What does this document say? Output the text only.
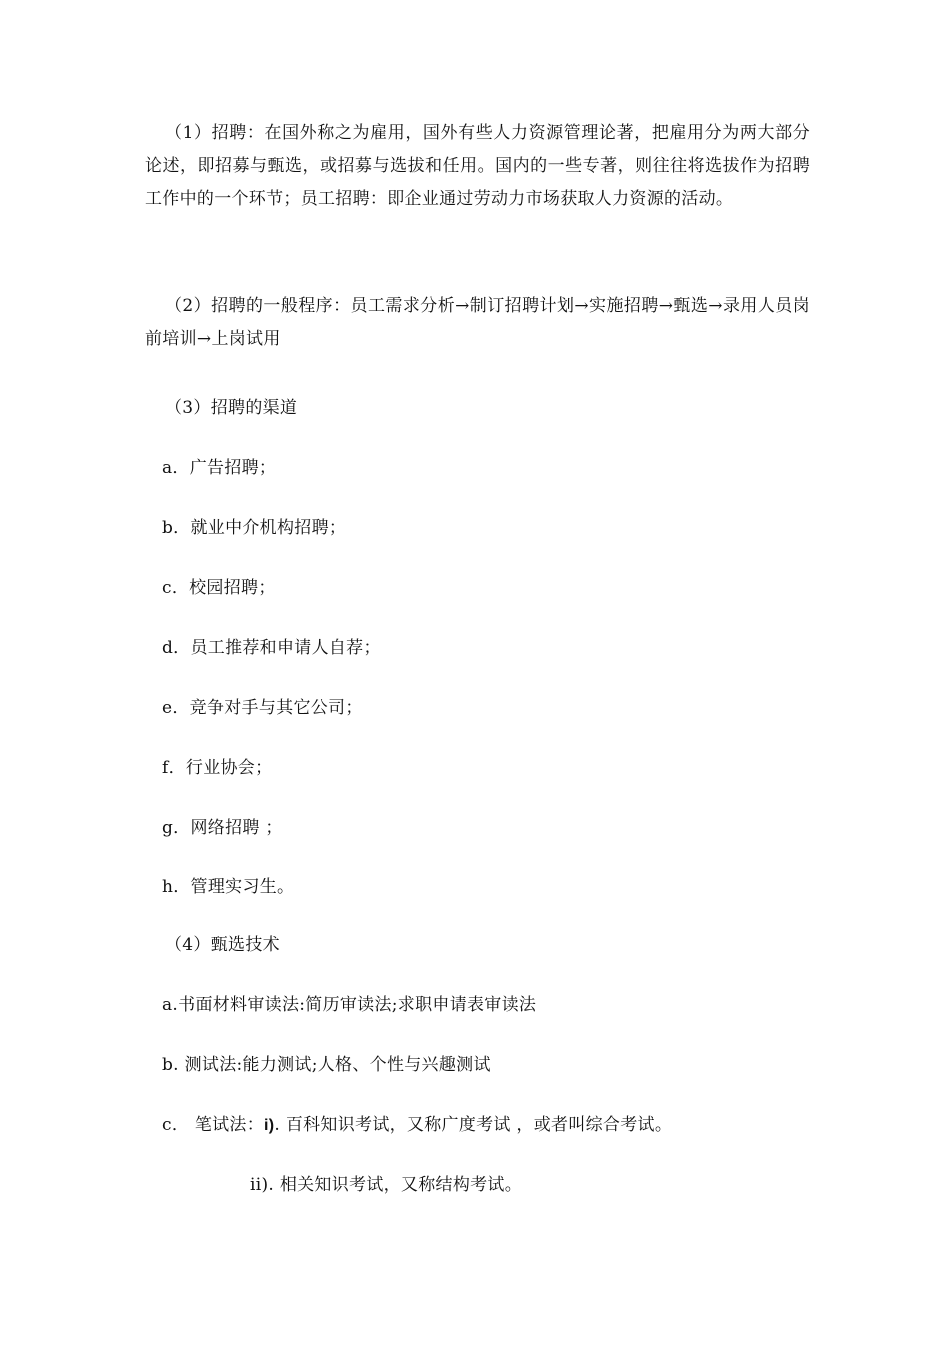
（1）招聘：在国外称之为雇用，国外有些人力资源管理论著，把雇用分为两大部分论述，即招募与甄选，或招募与选拔和任用。国内的一些专著，则往往将选拔作为招聘工作中的一个环节；员工招聘：即企业通过劳动力市场获取人力资源的活动。

（2）招聘的一般程序：员工需求分析→制订招聘计划→实施招聘→甄选→录用人员岗前培训→上岗试用

（3）招聘的渠道

a．广告招聘；

b．就业中介机构招聘；

c．校园招聘；

d．员工推荐和申请人自荐；

e．竞争对手与其它公司；

f．行业协会；

g．网络招聘 ；

h．管理实习生。

（4）甄选技术

a.书面材料审读法:简历审读法;求职申请表审读法

b. 测试法:能力测试;人格、个性与兴趣测试

c． 笔试法：i). 百科知识考试，又称广度考试 ，或者叫综合考试。

ii). 相关知识考试，又称结构考试。
